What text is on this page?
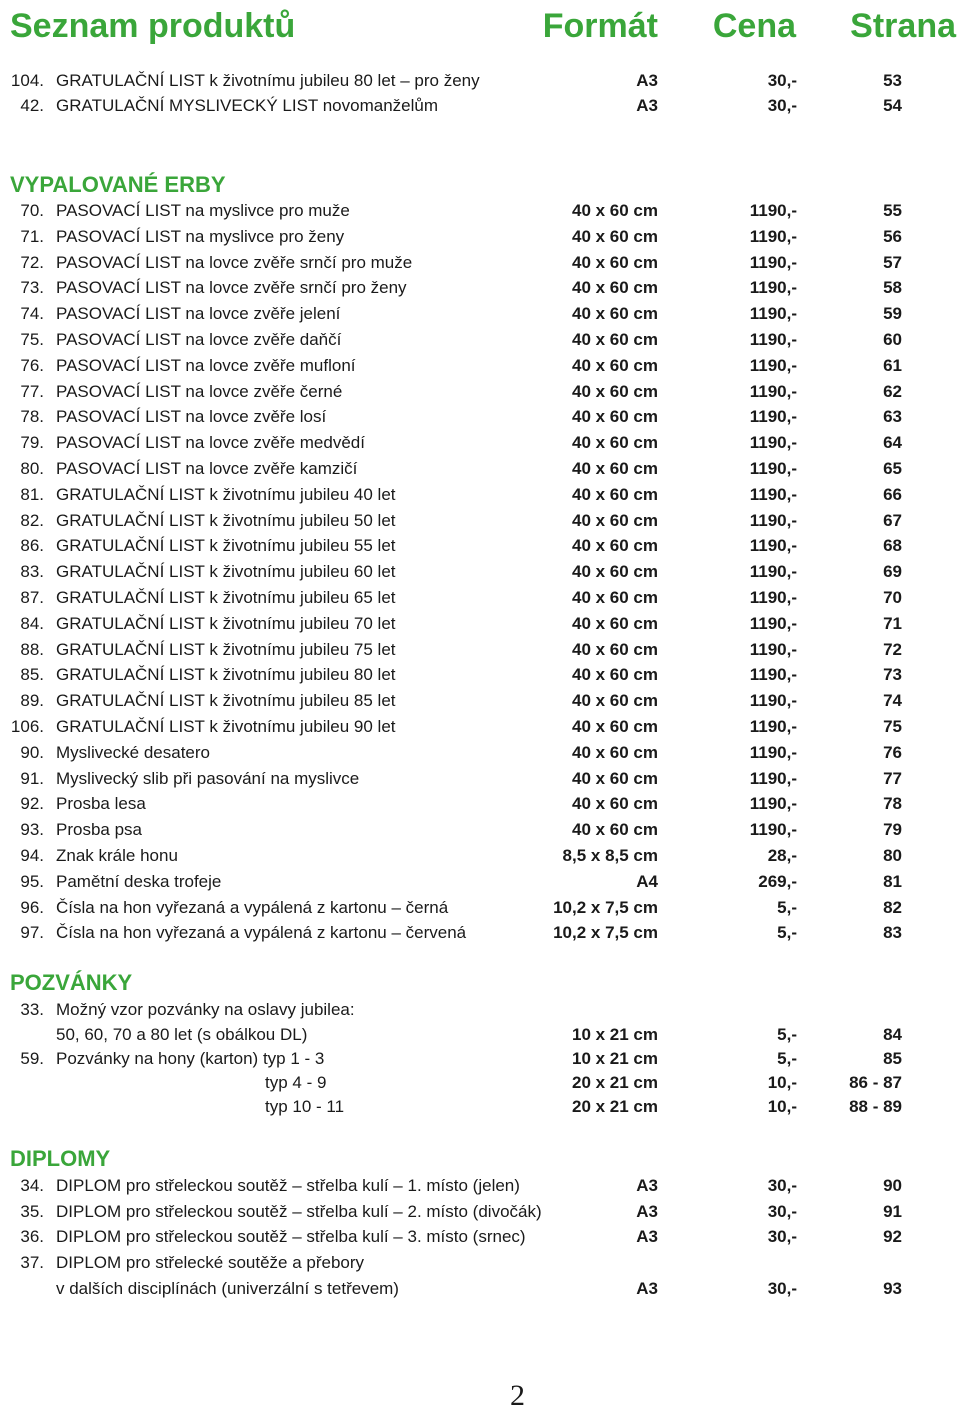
Seznam produktů	Formát Cena Strana
104. GRATULAČNÍ LIST k životnímu jubileu 80 let – pro ženy	A3	30,-	53
42. GRATULAČNÍ MYSLIVECKÝ LIST novomanželům	A3	30,-	54
VYPALOVANÉ ERBY
70. PASOVACÍ LIST na myslivce pro muže	40 x 60 cm	1190,-	55
71. PASOVACÍ LIST na myslivce pro ženy	40 x 60 cm	1190,-	56
72. PASOVACÍ LIST na lovce zvěře srnčí pro muže	40 x 60 cm	1190,-	57
73. PASOVACÍ LIST na lovce zvěře srnčí pro ženy	40 x 60 cm	1190,-	58
74. PASOVACÍ LIST na lovce zvěře jelení	40 x 60 cm	1190,-	59
75. PASOVACÍ LIST na lovce zvěře daňčí	40 x 60 cm	1190,-	60
76. PASOVACÍ LIST na lovce zvěře mufloní	40 x 60 cm	1190,-	61
77. PASOVACÍ LIST na lovce zvěře černé	40 x 60 cm	1190,-	62
78. PASOVACÍ LIST na lovce zvěře losí	40 x 60 cm	1190,-	63
79. PASOVACÍ LIST na lovce zvěře medvědí	40 x 60 cm	1190,-	64
80. PASOVACÍ LIST na lovce zvěře kamzičí	40 x 60 cm	1190,-	65
81. GRATULAČNÍ LIST k životnímu jubileu 40 let	40 x 60 cm	1190,-	66
82. GRATULAČNÍ LIST k životnímu jubileu 50 let	40 x 60 cm	1190,-	67
86. GRATULAČNÍ LIST k životnímu jubileu 55 let	40 x 60 cm	1190,-	68
83. GRATULAČNÍ LIST k životnímu jubileu 60 let	40 x 60 cm	1190,-	69
87. GRATULAČNÍ LIST k životnímu jubileu 65 let	40 x 60 cm	1190,-	70
84. GRATULAČNÍ LIST k životnímu jubileu 70 let	40 x 60 cm	1190,-	71
88. GRATULAČNÍ LIST k životnímu jubileu 75 let	40 x 60 cm	1190,-	72
85. GRATULAČNÍ LIST k životnímu jubileu 80 let	40 x 60 cm	1190,-	73
89. GRATULAČNÍ LIST k životnímu jubileu 85 let	40 x 60 cm	1190,-	74
106. GRATULAČNÍ LIST k životnímu jubileu 90 let	40 x 60 cm	1190,-	75
90. Myslivecké desatero	40 x 60 cm	1190,-	76
91. Myslivecký slib při pasování na myslivce	40 x 60 cm	1190,-	77
92. Prosba lesa	40 x 60 cm	1190,-	78
93. Prosba psa	40 x 60 cm	1190,-	79
94. Znak krále honu	8,5 x 8,5 cm	28,-	80
95. Pamětní deska trofeje	A4	269,-	81
96. Čísla na hon vyřezaná a vypálená z kartonu – černá	10,2 x 7,5 cm	5,-	82
97. Čísla na hon vyřezaná a vypálená z kartonu – červená	10,2 x 7,5 cm	5,-	83
POZVÁNKY
33. Možný vzor pozvánky na oslavy jubilea:
50, 60, 70 a 80 let (s obálkou DL)	10 x 21 cm	5,-	84
59. Pozvánky na hony (karton) typ 1 - 3	10 x 21 cm	5,-	85
typ 4 - 9	20 x 21 cm	10,-	86 - 87
typ 10 - 11	20 x 21 cm	10,-	88 - 89
DIPLOMY
34. DIPLOM pro střeleckou soutěž – střelba kulí – 1. místo (jelen)	A3	30,-	90
35. DIPLOM pro střeleckou soutěž – střelba kulí – 2. místo (divočák)	A3	30,-	91
36. DIPLOM pro střeleckou soutěž – střelba kulí – 3. místo (srnec)	A3	30,-	92
37. DIPLOM pro střelecké soutěže a přebory
v dalších disciplínách (univerzální s tetřevem)	A3	30,-	93
2
